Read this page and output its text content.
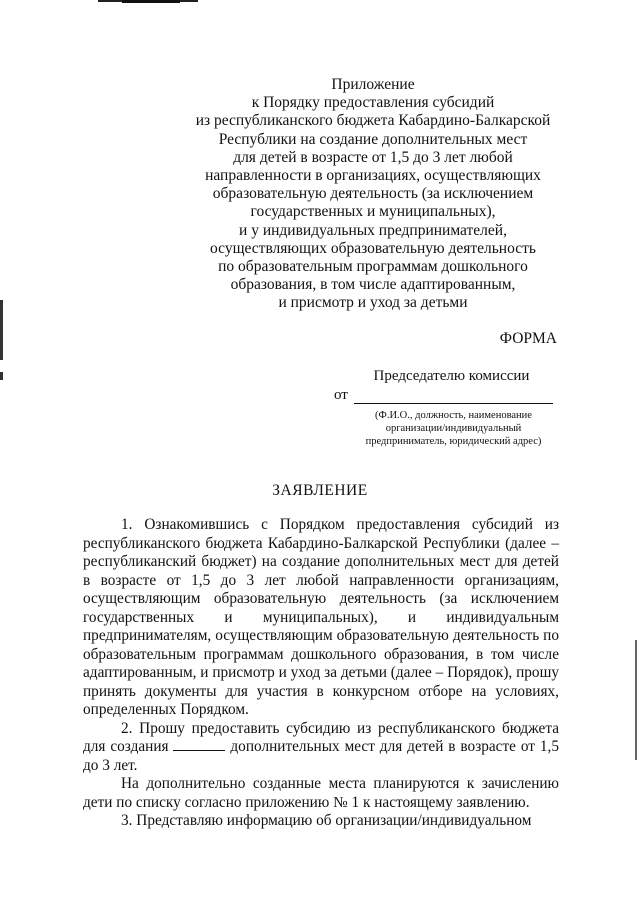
Приложение
к Порядку предоставления субсидий
из республиканского бюджета Кабардино-Балкарской
Республики на создание дополнительных мест
для детей в возрасте от 1,5 до 3 лет любой
направленности в организациях, осуществляющих
образовательную деятельность (за исключением
государственных и муниципальных),
и у индивидуальных предпринимателей,
осуществляющих образовательную деятельность
по образовательным программам дошкольного
образования, в том числе адаптированным,
и присмотр и уход за детьми
ФОРМА
Председателю комиссии
от
(Ф.И.О., должность, наименование
организации/индивидуальный
предприниматель, юридический адрес)
ЗАЯВЛЕНИЕ

1. Ознакомившись с Порядком предоставления субсидий из республиканского бюджета Кабардино-Балкарской Республики (далее – республиканский бюджет) на создание дополнительных мест для детей в возрасте от 1,5 до 3 лет любой направленности организациям, осуществляющим образовательную деятельность (за исключением государственных и муниципальных), и индивидуальным предпринимателям, осуществляющим образовательную деятельность по образовательным программам дошкольного образования, в том числе адаптированным, и присмотр и уход за детьми (далее – Порядок), прошу принять документы для участия в конкурсном отборе на условиях, определенных Порядком.

2. Прошу предоставить субсидию из республиканского бюджета для создания	дополнительных мест для детей в возрасте от 1,5 до 3 лет.

На дополнительно созданные места планируются к зачислению дети по списку согласно приложению № 1 к настоящему заявлению.

3. Представляю информацию об организации/индивидуальном
